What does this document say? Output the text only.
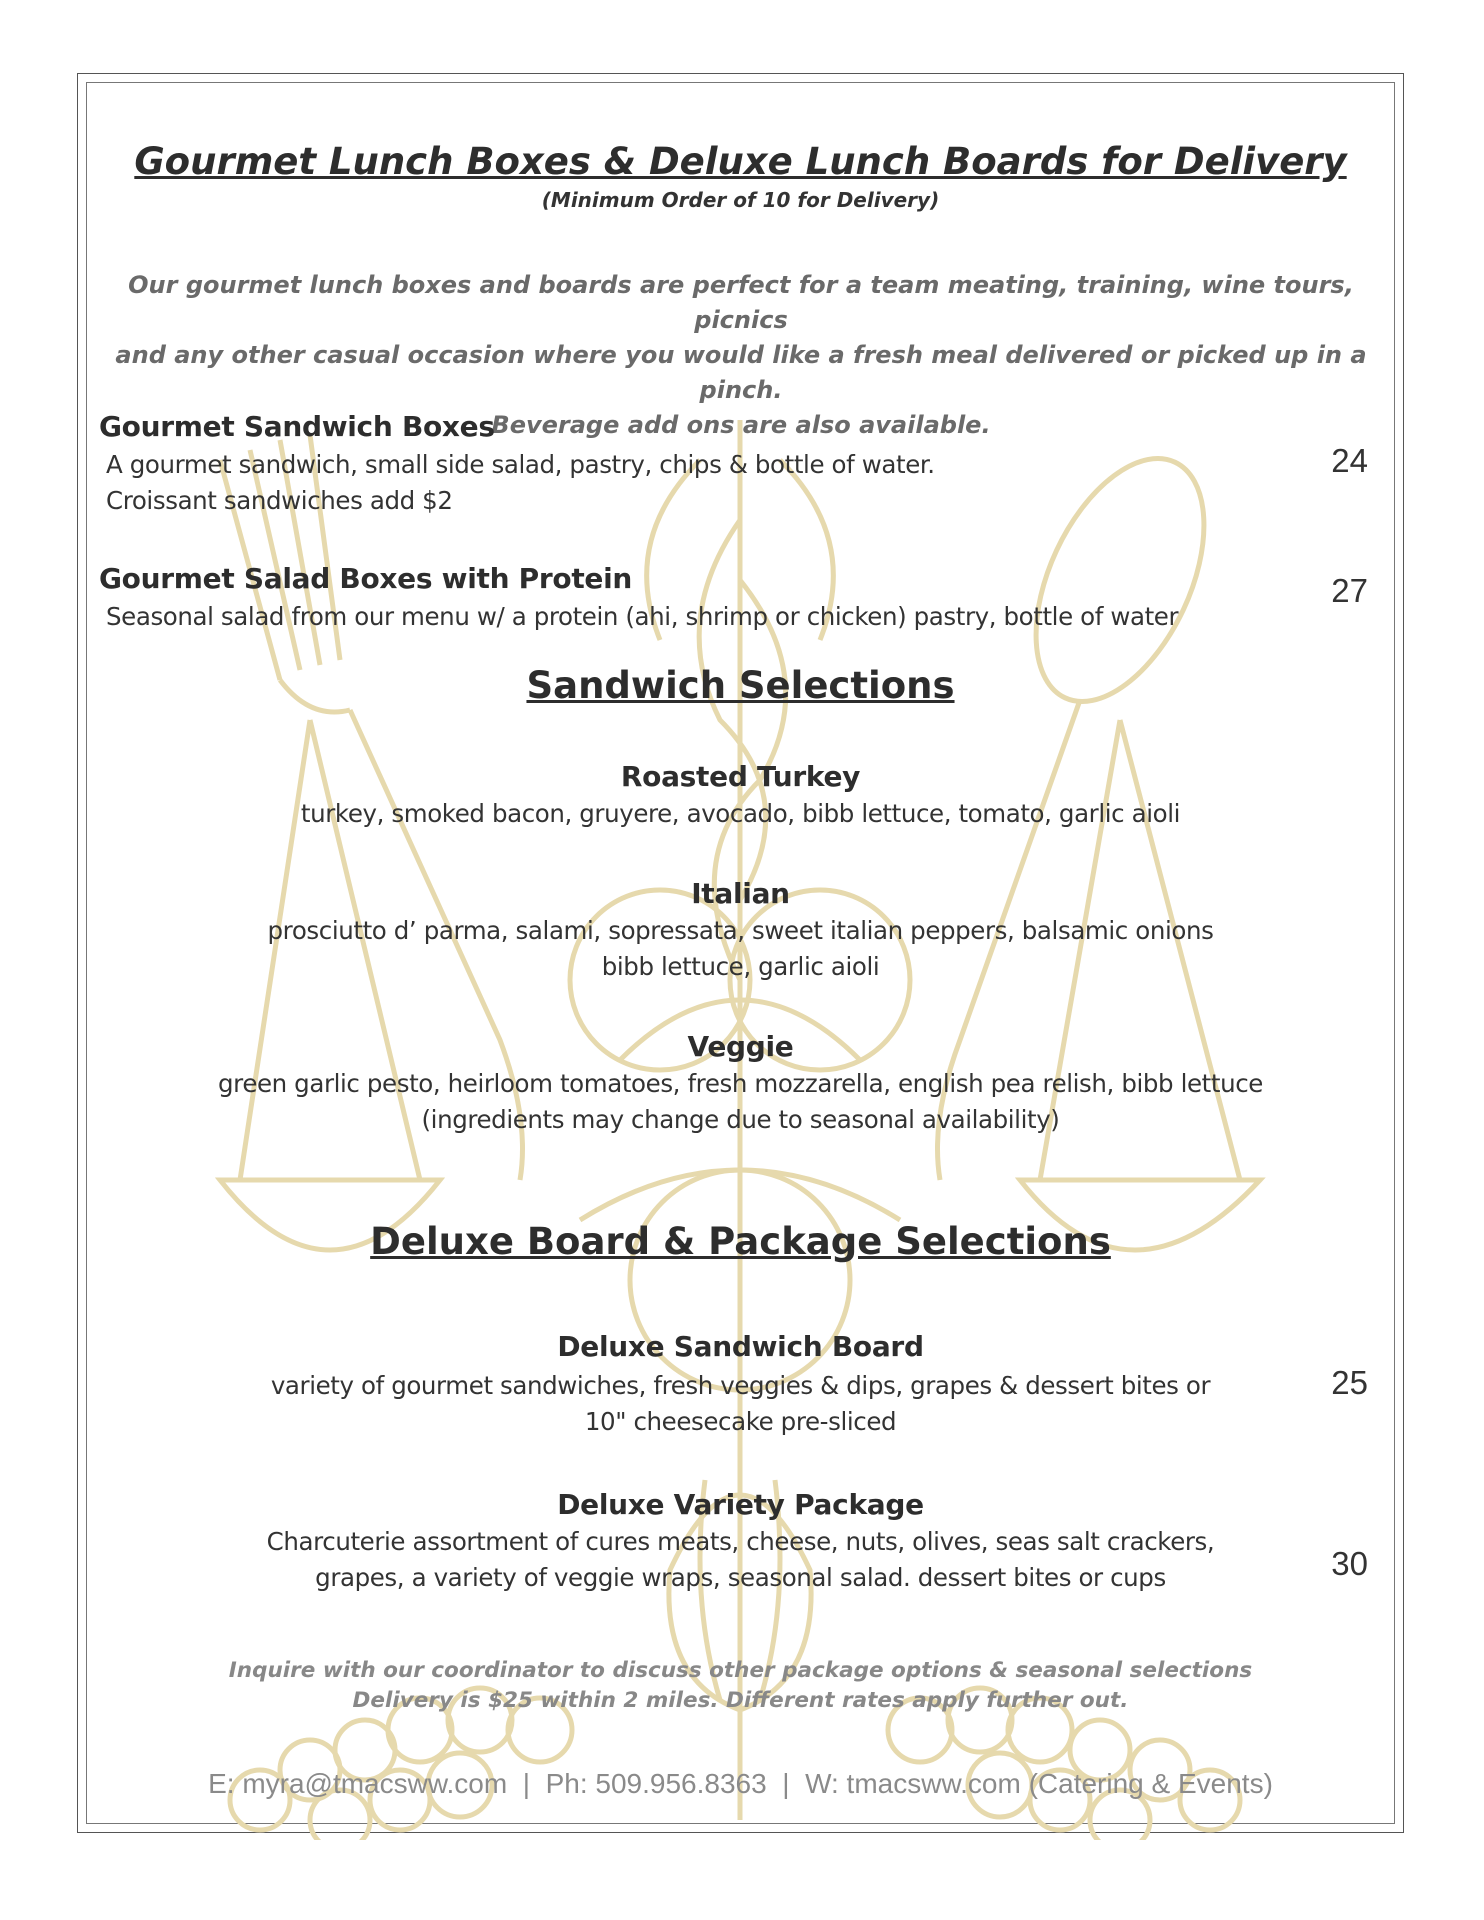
Gourmet Lunch Boxes & Deluxe Lunch Boards for Delivery
(Minimum Order of 10 for Delivery)
Our gourmet lunch boxes and boards are perfect for a team meating, training, wine tours, picnics
and any other casual occasion where you would like a fresh meal delivered or picked up in a pinch.
Beverage add ons are also available.
Gourmet Sandwich Boxes
A gourmet sandwich, small side salad, pastry, chips & bottle of water.
Croissant sandwiches add $2
24
Gourmet Salad Boxes with Protein
Seasonal salad from our menu w/ a protein (ahi, shrimp or chicken) pastry, bottle of water
27
Sandwich Selections
Roasted Turkey
turkey, smoked bacon, gruyere, avocado, bibb lettuce, tomato, garlic aioli
Italian
prosciutto d’ parma, salami, sopressata, sweet italian peppers, balsamic onions
bibb lettuce, garlic aioli
Veggie
green garlic pesto, heirloom tomatoes, fresh mozzarella, english pea relish, bibb lettuce
(ingredients may change due to seasonal availability)
Deluxe Board & Package Selections
Deluxe Sandwich Board
variety of gourmet sandwiches, fresh veggies & dips, grapes & dessert bites or
10" cheesecake pre-sliced
25
Deluxe Variety Package
Charcuterie assortment of cures meats, cheese, nuts, olives, seas salt crackers,
grapes, a variety of veggie wraps, seasonal salad. dessert bites or cups	30
Inquire with our coordinator to discuss other package options & seasonal selections
Delivery is $25 within 2 miles. Different rates apply further out.
E: myra@tmacsww.com  |  Ph: 509.956.8363  |  W: tmacsww.com (Catering & Events)
